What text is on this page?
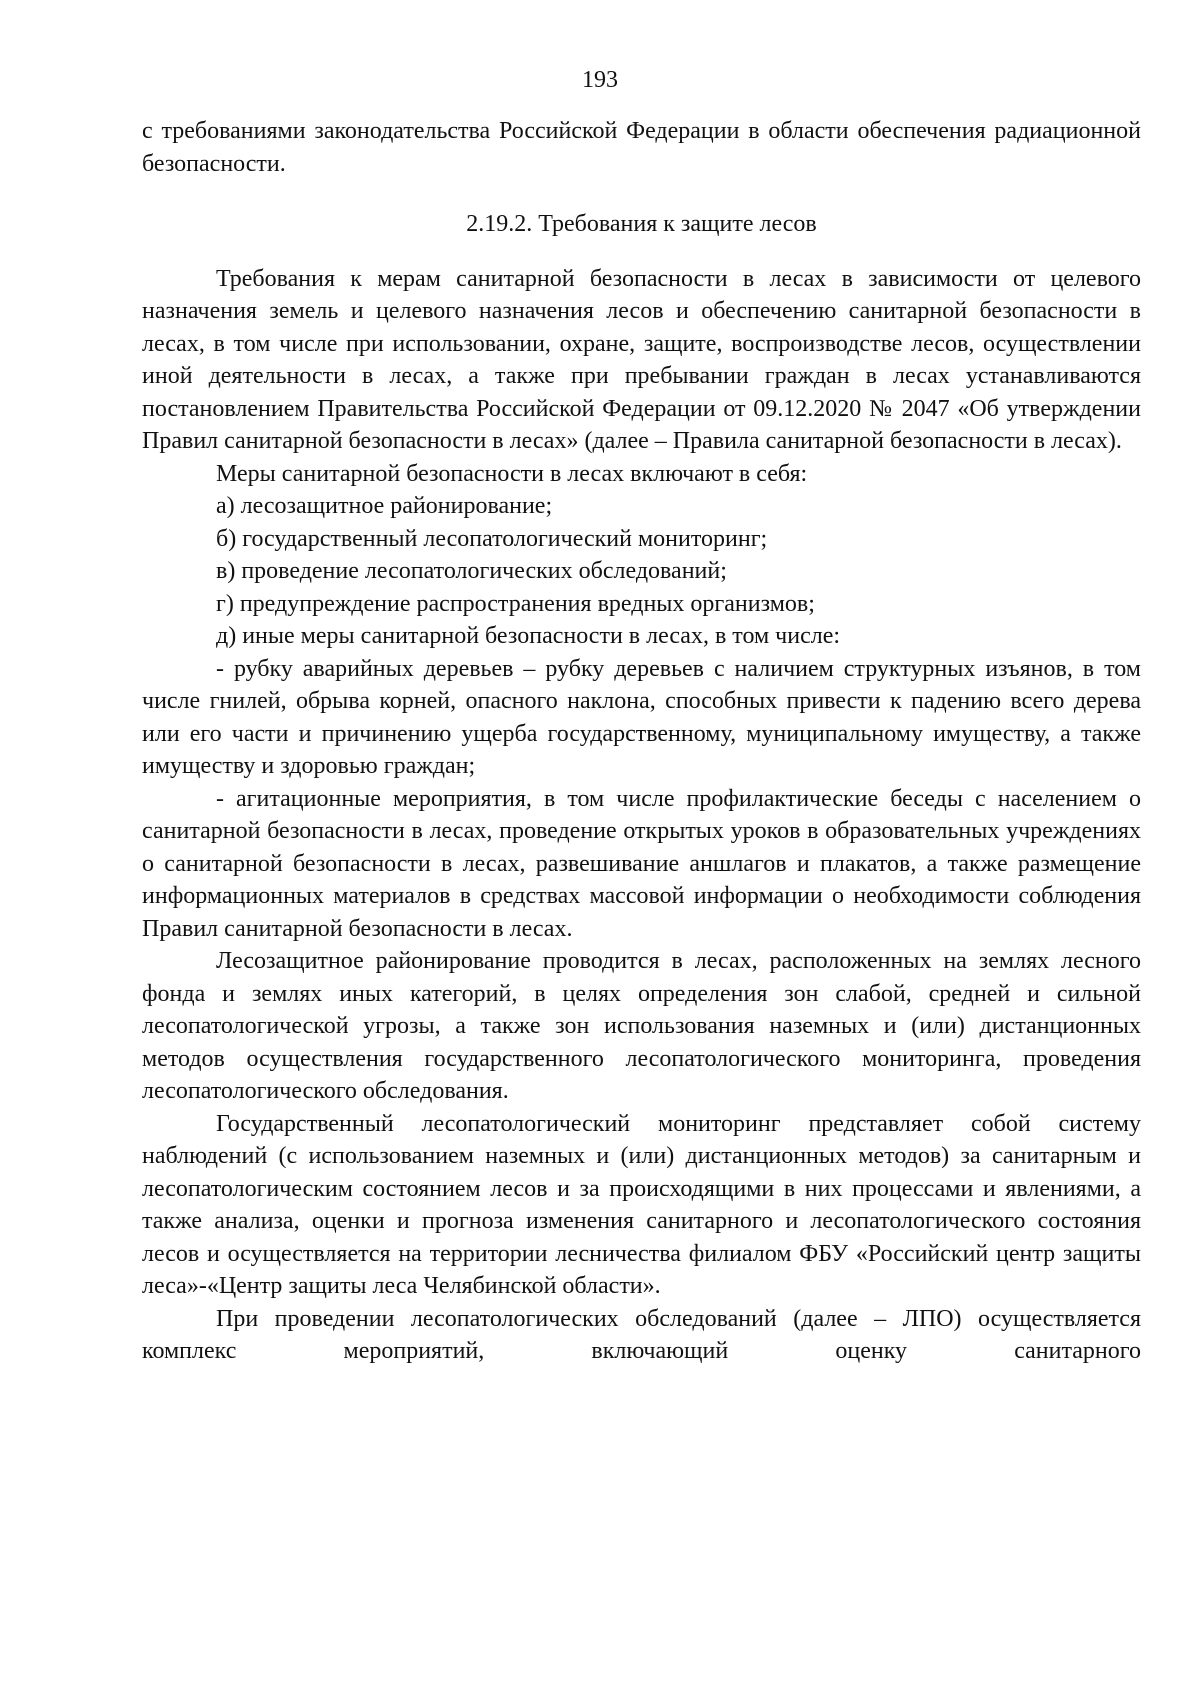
193

с требованиями законодательства Российской Федерации в области обеспечения радиационной безопасности.

2.19.2. Требования к защите лесов

Требования к мерам санитарной безопасности в лесах в зависимости от целевого назначения земель и целевого назначения лесов и обеспечению санитарной безопасности в лесах, в том числе при использовании, охране, защите, воспроизводстве лесов, осуществлении иной деятельности в лесах, а также при пребывании граждан в лесах устанавливаются постановлением Правительства Российской Федерации от 09.12.2020 № 2047 «Об утверждении Правил санитарной безопасности в лесах» (далее – Правила санитарной безопасности в лесах).

Меры санитарной безопасности в лесах включают в себя:

а) лесозащитное районирование;

б) государственный лесопатологический мониторинг;

в) проведение лесопатологических обследований;

г) предупреждение распространения вредных организмов;

д) иные меры санитарной безопасности в лесах, в том числе:

- рубку аварийных деревьев – рубку деревьев с наличием структурных изъянов, в том числе гнилей, обрыва корней, опасного наклона, способных привести к падению всего дерева или его части и причинению ущерба государственному, муниципальному имуществу, а также имуществу и здоровью граждан;

- агитационные мероприятия, в том числе профилактические беседы с населением о санитарной безопасности в лесах, проведение открытых уроков в образовательных учреждениях о санитарной безопасности в лесах, развешивание аншлагов и плакатов, а также размещение информационных материалов в средствах массовой информации о необходимости соблюдения Правил санитарной безопасности в лесах.

Лесозащитное районирование проводится в лесах, расположенных на землях лесного фонда и землях иных категорий, в целях определения зон слабой, средней и сильной лесопатологической угрозы, а также зон использования наземных и (или) дистанционных методов осуществления государственного лесопатологического мониторинга, проведения лесопатологического обследования.

Государственный лесопатологический мониторинг представляет собой систему наблюдений (с использованием наземных и (или) дистанционных методов) за санитарным и лесопатологическим состоянием лесов и за происходящими в них процессами и явлениями, а также анализа, оценки и прогноза изменения санитарного и лесопатологического состояния лесов и осуществляется на территории лесничества филиалом ФБУ «Российский центр защиты леса»-«Центр защиты леса Челябинской области».

При проведении лесопатологических обследований (далее – ЛПО) осуществляется комплекс мероприятий, включающий оценку санитарного
